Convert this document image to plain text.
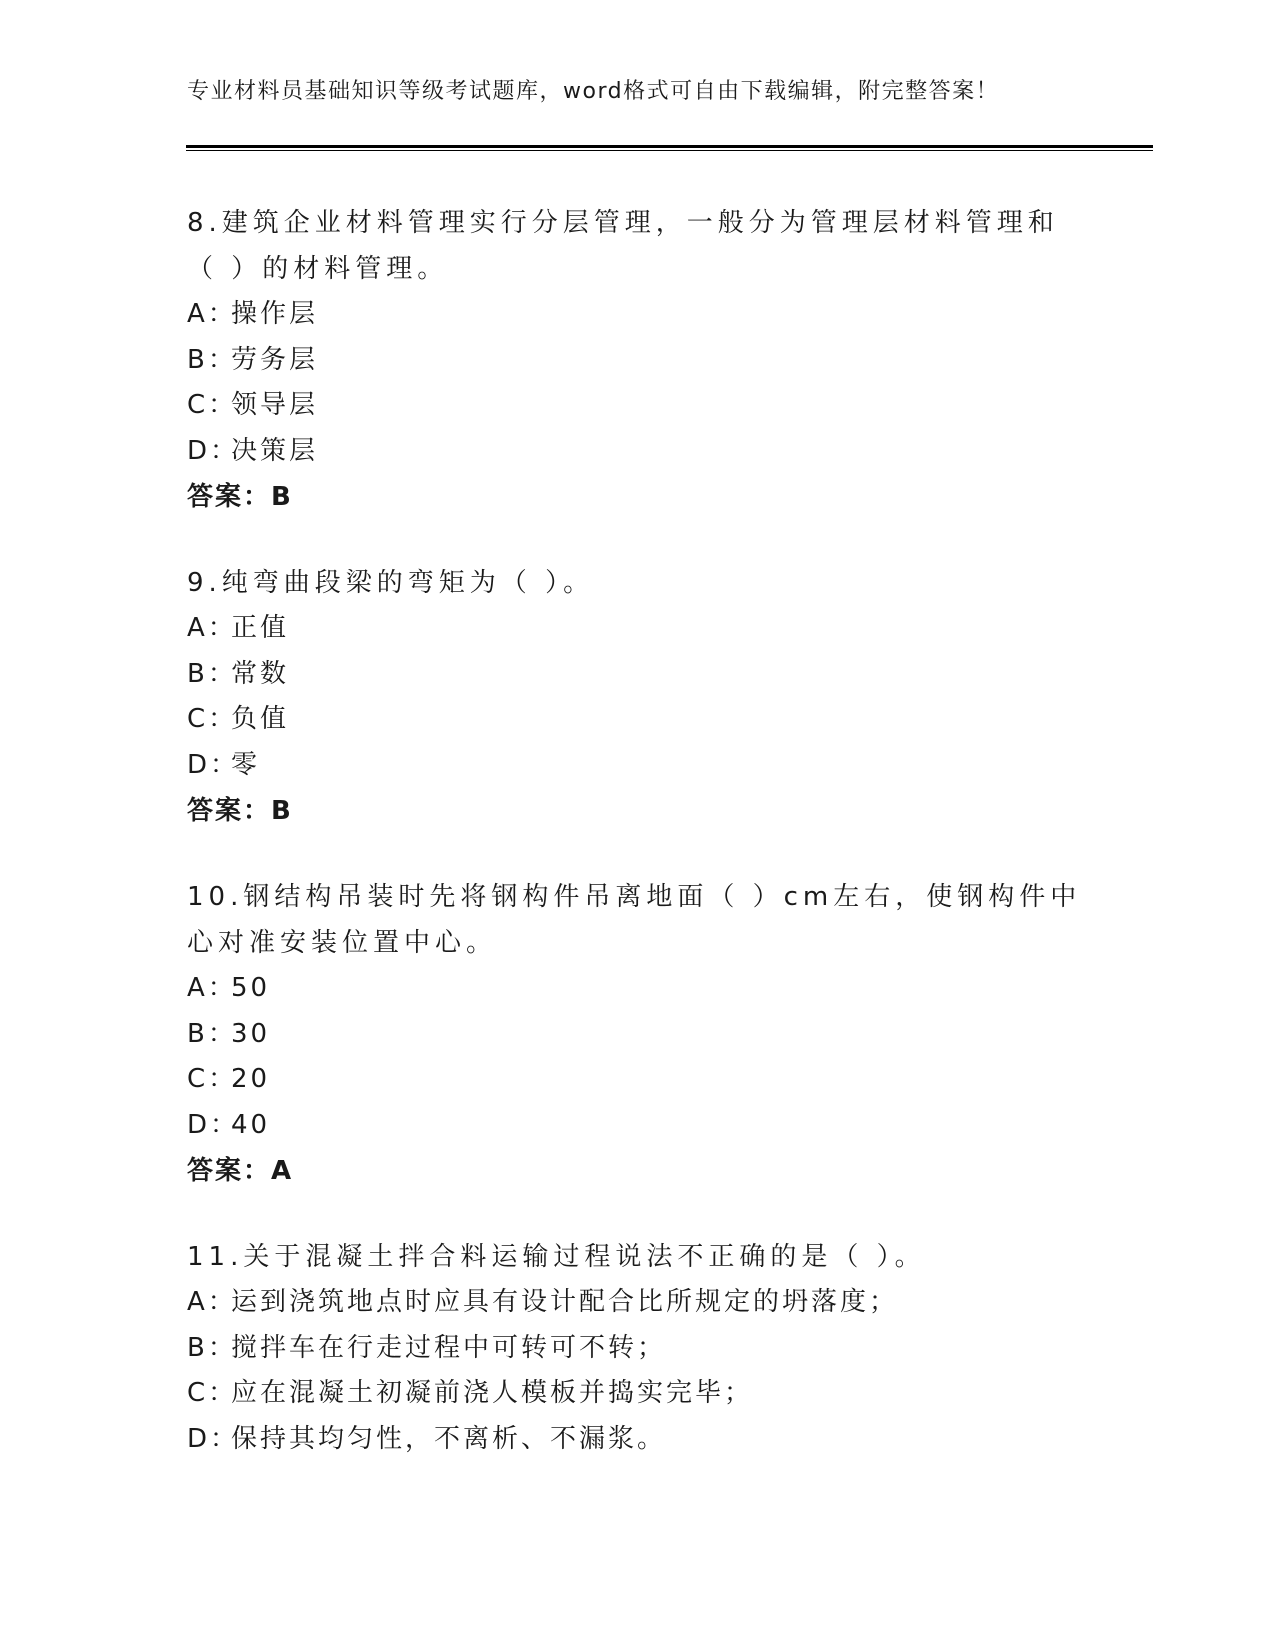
专业材料员基础知识等级考试题库，word格式可自由下载编辑，附完整答案！

8.建筑企业材料管理实行分层管理，一般分为管理层材料管理和（ ）的材料管理。

A：操作层
B：劳务层
C：领导层
D：决策层
答案：B

9.纯弯曲段梁的弯矩为（ ）。

A：正值
B：常数
C：负值
D：零
答案：B

10.钢结构吊装时先将钢构件吊离地面（ ）cm左右，使钢构件中心对准安装位置中心。

A：50
B：30
C：20
D：40
答案：A

11.关于混凝土拌合料运输过程说法不正确的是（ ）。

A：运到浇筑地点时应具有设计配合比所规定的坍落度；
B：搅拌车在行走过程中可转可不转；
C：应在混凝土初凝前浇人模板并捣实完毕；
D：保持其均匀性，不离析、不漏浆。
